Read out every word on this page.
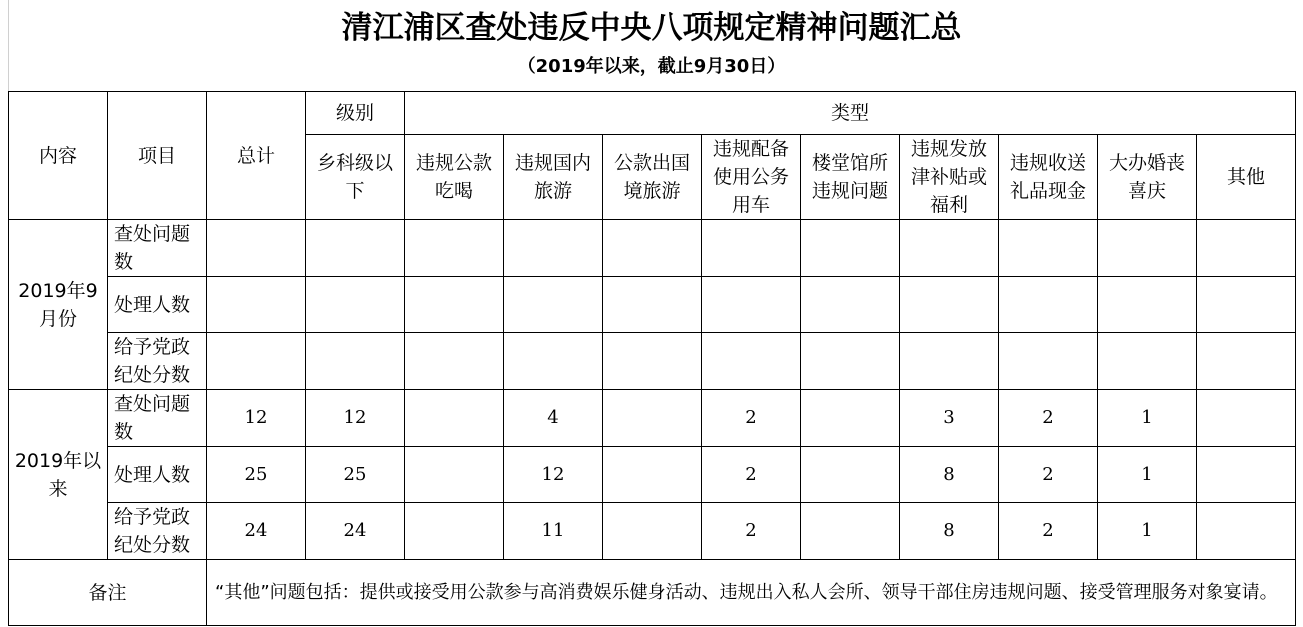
清江浦区查处违反中央八项规定精神问题汇总
（2019年以来，截止9月30日）
内容	项目	总计	级别	类型								
			乡科级以下	违规公款吃喝	违规国内旅游	公款出国境旅游	违规配备使用公务用车	楼堂馆所违规问题	违规发放津补贴或福利	违规收送礼品现金	大办婚丧喜庆	其他
2019年9月份	查处问题数											
	处理人数											
	给予党政纪处分数											
2019年以来	查处问题数	12	12		4		2		3	2	1	
	处理人数	25	25		12		2		8	2	1	
	给予党政纪处分数	24	24		11		2		8	2	1	
备注		“其他”问题包括：提供或接受用公款参与高消费娱乐健身活动、违规出入私人会所、领导干部住房违规问题、接受管理服务对象宴请。										
